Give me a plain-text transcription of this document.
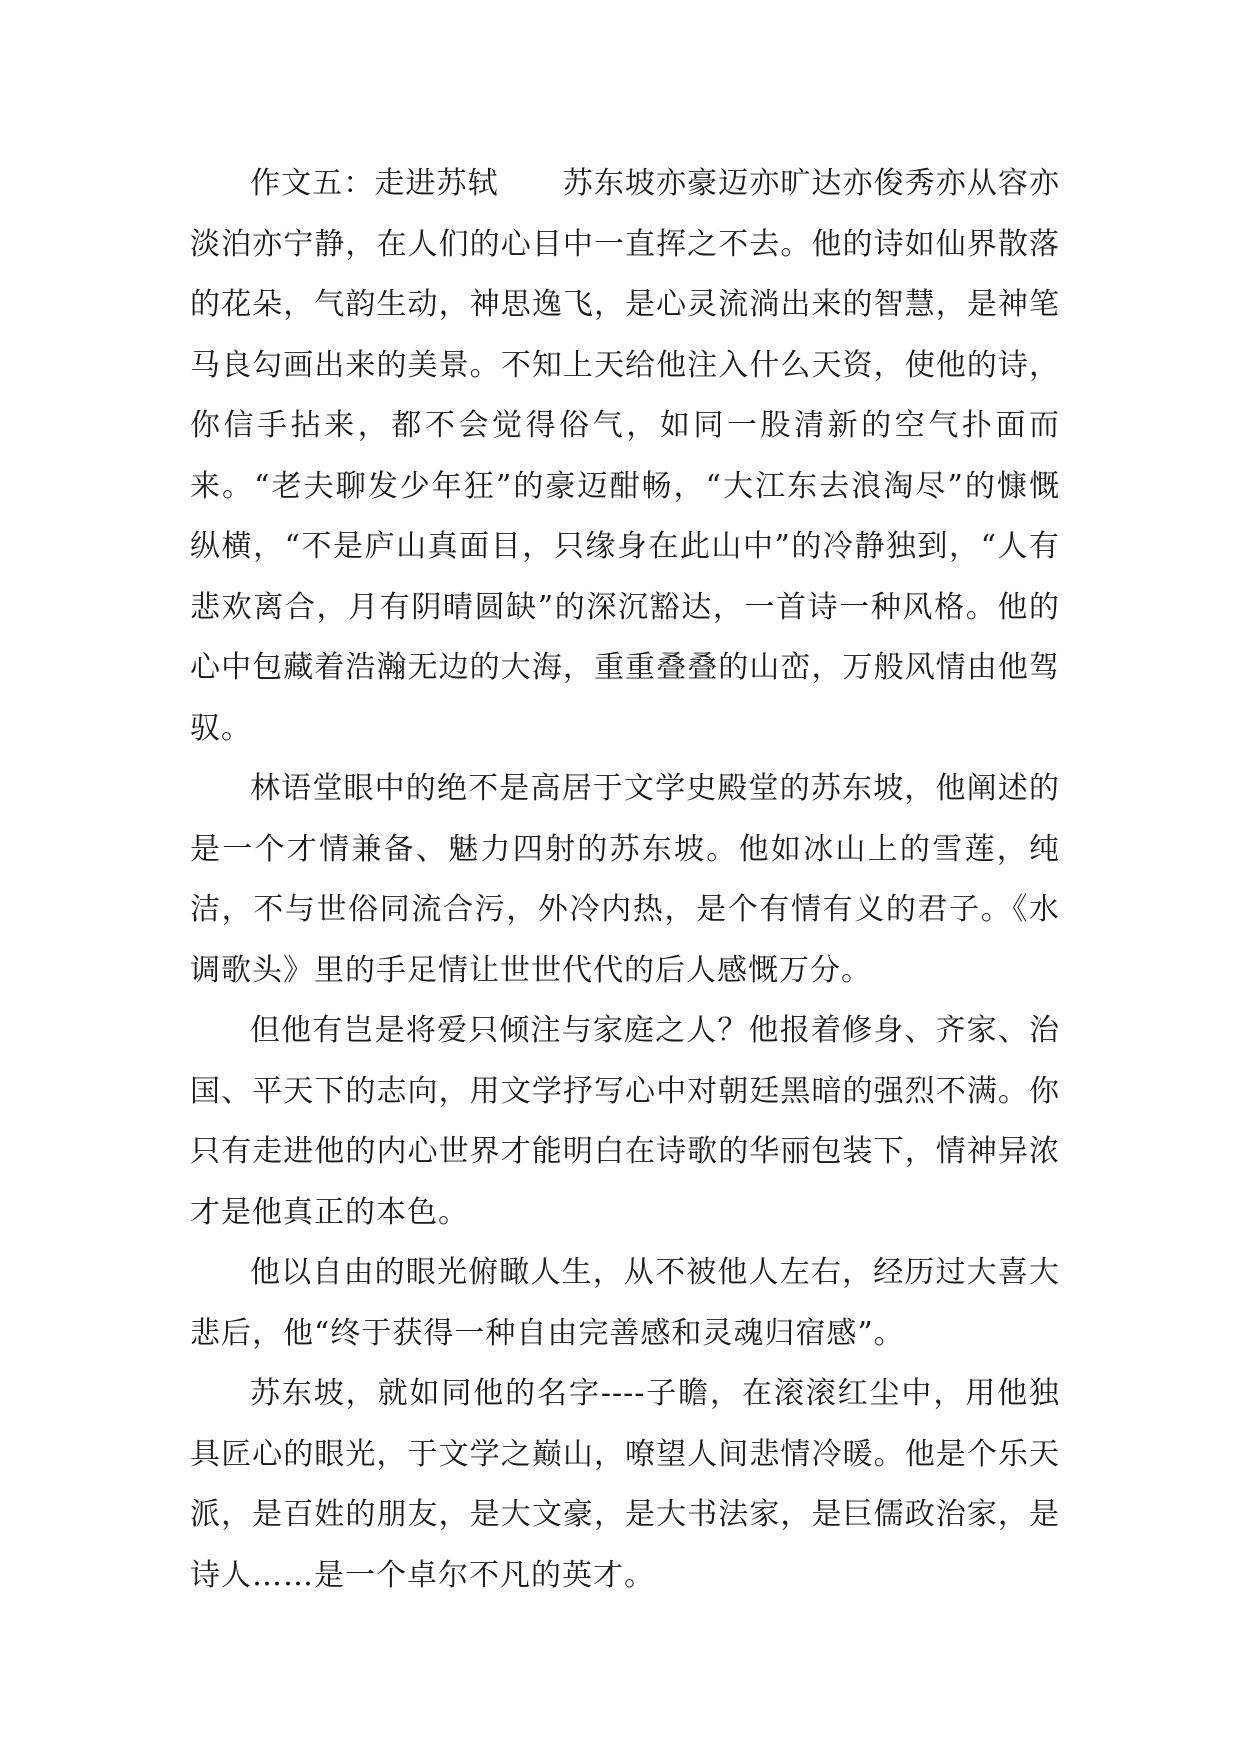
作文五：走进苏轼 苏东坡亦豪迈亦旷达亦俊秀亦从容亦淡泊亦宁静，在人们的心目中一直挥之不去。他的诗如仙界散落的花朵，气韵生动，神思逸飞，是心灵流淌出来的智慧，是神笔马良勾画出来的美景。不知上天给他注入什么天资，使他的诗，你信手拈来，都不会觉得俗气，如同一股清新的空气扑面而来。“老夫聊发少年狂”的豪迈酣畅，“大江东去浪淘尽”的慷慨纵横，“不是庐山真面目，只缘身在此山中”的冷静独到，“人有悲欢离合，月有阴晴圆缺”的深沉豁达，一首诗一种风格。他的心中包藏着浩瀚无边的大海，重重叠叠的山峦，万般风情由他驾驭。

林语堂眼中的绝不是高居于文学史殿堂的苏东坡，他阐述的是一个才情兼备、魅力四射的苏东坡。他如冰山上的雪莲，纯洁，不与世俗同流合污，外冷内热，是个有情有义的君子。《水调歌头》里的手足情让世世代代的后人感慨万分。

但他有岂是将爱只倾注与家庭之人？他报着修身、齐家、治国、平天下的志向，用文学抒写心中对朝廷黑暗的强烈不满。你只有走进他的内心世界才能明白在诗歌的华丽包装下，情神异浓才是他真正的本色。

他以自由的眼光俯瞰人生，从不被他人左右，经历过大喜大悲后，他“终于获得一种自由完善感和灵魂归宿感”。

苏东坡，就如同他的名字----子瞻，在滚滚红尘中，用他独具匠心的眼光，于文学之巅山，嘹望人间悲情冷暖。他是个乐天派，是百姓的朋友，是大文豪，是大书法家，是巨儒政治家，是诗人……是一个卓尔不凡的英才。
